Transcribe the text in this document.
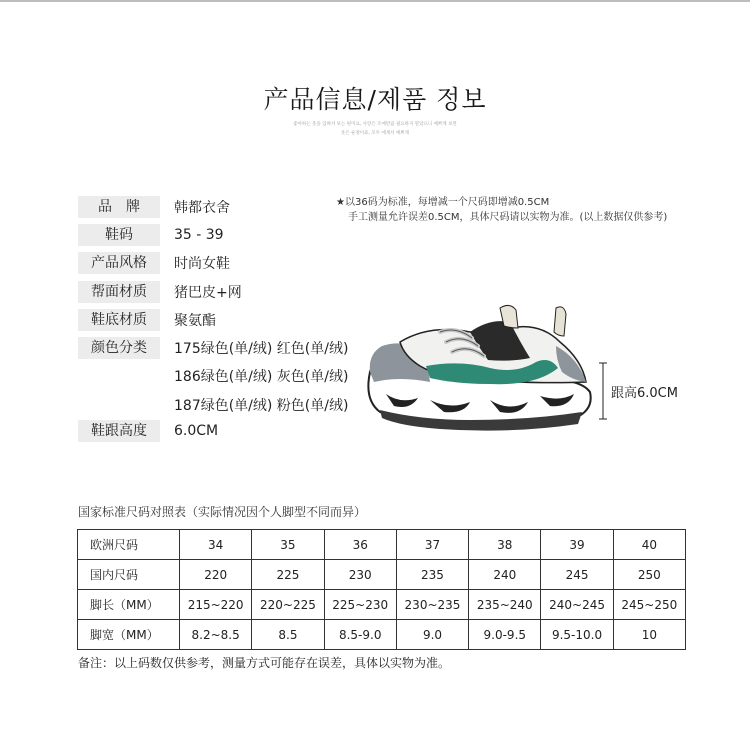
产品信息/제품 정보
좋아하는 옷을 입혀서 보는 편이요, 사랑은 조예만큼 필요하지 말았으니 예쁘게 보면
옷은 순정이죠, 모두 에게서 예쁘게
品　牌	韩都衣舍
鞋码	35 - 39
产品风格	时尚女鞋
帮面材质	猪巴皮+网
鞋底材质	聚氨酯
颜色分类	175绿色(单/绒) 红色(单/绒)
186绿色(单/绒) 灰色(单/绒)
187绿色(单/绒) 粉色(单/绒)
鞋跟高度	6.0CM
★以36码为标准，每增减一个尺码即增减0.5CM
手工测量允许误差0.5CM，具体尺码请以实物为准。(以上数据仅供参考)
跟高6.0CM
国家标准尺码对照表（实际情况因个人脚型不同而异）
欧洲尺码	34	35	36	37	38	39	40
国内尺码	220	225	230	235	240	245	250
脚长（MM）	215~220	220~225	225~230	230~235	235~240	240~245	245~250
脚宽（MM）	8.2~8.5	8.5	8.5-9.0	9.0	9.0-9.5	9.5-10.0	10
备注：以上码数仅供参考，测量方式可能存在误差，具体以实物为准。
